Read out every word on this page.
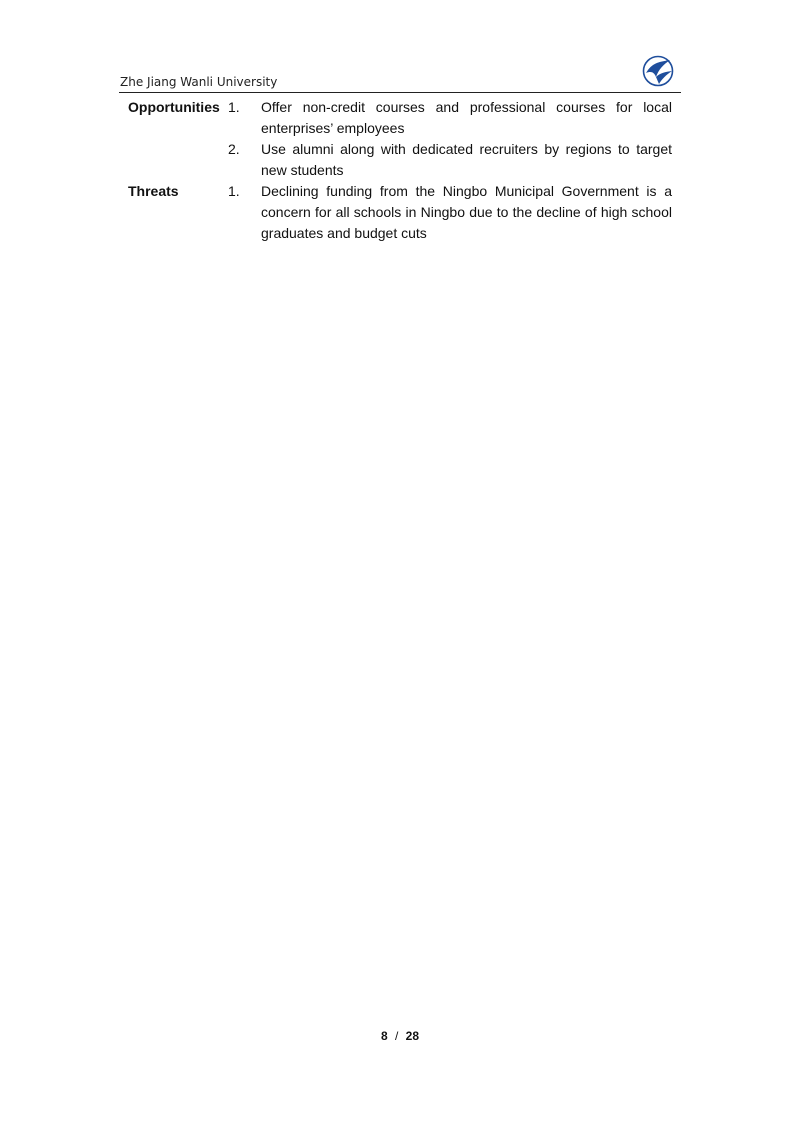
Zhe Jiang Wanli University
Opportunities	1.	Offer non-credit courses and professional courses for local enterprises’ employees
	2.	Use alumni along with dedicated recruiters by regions to target new students
Threats	1.	Declining funding from the Ningbo Municipal Government is a concern for all schools in Ningbo due to the decline of high school graduates and budget cuts
8 / 28
